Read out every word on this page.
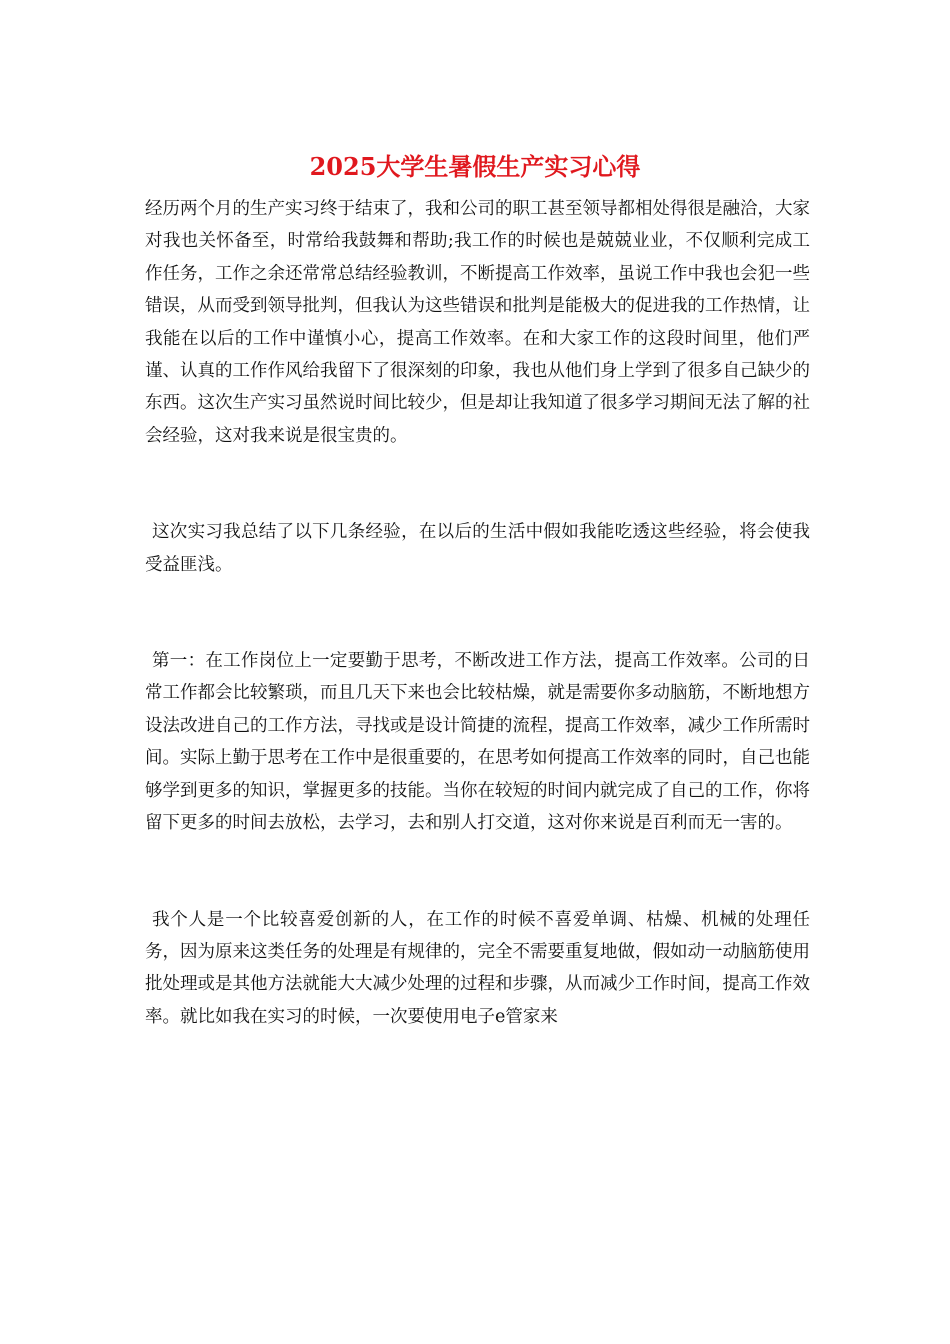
2025大学生暑假生产实习心得

经历两个月的生产实习终于结束了，我和公司的职工甚至领导都相处得很是融洽，大家对我也关怀备至，时常给我鼓舞和帮助;我工作的时候也是兢兢业业，不仅顺利完成工作任务，工作之余还常常总结经验教训，不断提高工作效率，虽说工作中我也会犯一些错误，从而受到领导批判，但我认为这些错误和批判是能极大的促进我的工作热情，让我能在以后的工作中谨慎小心，提高工作效率。在和大家工作的这段时间里，他们严谨、认真的工作作风给我留下了很深刻的印象，我也从他们身上学到了很多自己缺少的东西。这次生产实习虽然说时间比较少，但是却让我知道了很多学习期间无法了解的社会经验，这对我来说是很宝贵的。

这次实习我总结了以下几条经验，在以后的生活中假如我能吃透这些经验，将会使我受益匪浅。

第一：在工作岗位上一定要勤于思考，不断改进工作方法，提高工作效率。公司的日常工作都会比较繁琐，而且几天下来也会比较枯燥，就是需要你多动脑筋，不断地想方设法改进自己的工作方法，寻找或是设计简捷的流程，提高工作效率，减少工作所需时间。实际上勤于思考在工作中是很重要的，在思考如何提高工作效率的同时，自己也能够学到更多的知识，掌握更多的技能。当你在较短的时间内就完成了自己的工作，你将留下更多的时间去放松，去学习，去和别人打交道，这对你来说是百利而无一害的。

我个人是一个比较喜爱创新的人，在工作的时候不喜爱单调、枯燥、机械的处理任务，因为原来这类任务的处理是有规律的，完全不需要重复地做，假如动一动脑筋使用批处理或是其他方法就能大大减少处理的过程和步骤，从而减少工作时间，提高工作效率。就比如我在实习的时候，一次要使用电子e管家来
